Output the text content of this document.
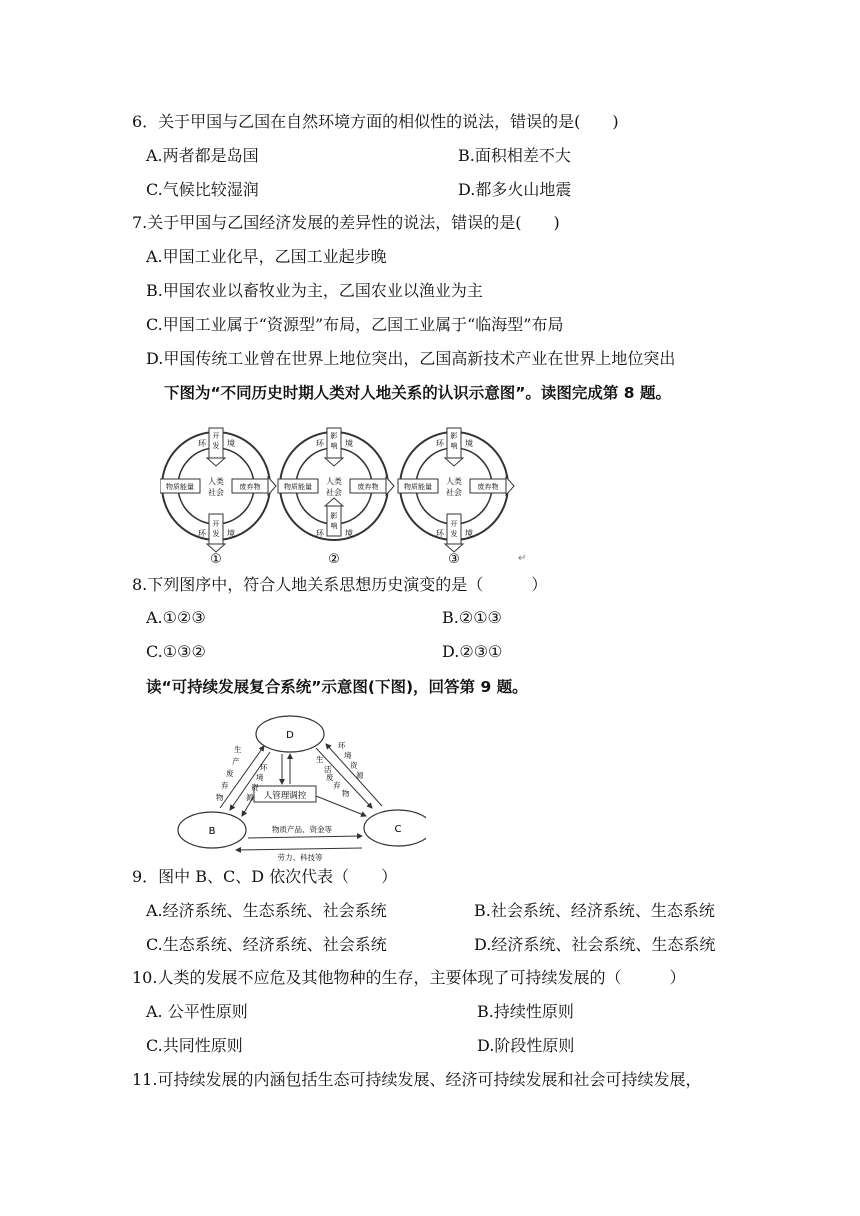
6．关于甲国与乙国在自然环境方面的相似性的说法，错误的是(　　)
A.两者都是岛国	B.面积相差不大
C.气候比较湿润	D.都多火山地震
7.关于甲国与乙国经济发展的差异性的说法，错误的是(　　)
A.甲国工业化早，乙国工业起步晚
B.甲国农业以畜牧业为主，乙国农业以渔业为主
C.甲国工业属于“资源型”布局，乙国工业属于“临海型”布局
D.甲国传统工业曾在世界上地位突出，乙国高新技术产业在世界上地位突出
下图为“不同历史时期人类对人地关系的认识示意图”。读图完成第 8 题。
开
发
环	境
开
发
环	境
物质能量	废弃物
人类
社会
影
响
环	境
影
响
环	境
物质能量	废弃物
人类
社会
影
响
环	境
开
发
环	境
物质能量	废弃物
人类
社会
①	②	③	↵
8.下列图序中，符合人地关系思想历史演变的是（　　　）
A.①②③	B.②①③
C.①③②	D.②③①
读“可持续发展复合系统”示意图(下图)，回答第 9 题。
D
B	C
人管理调控
生
产
废
弃
物
环
境
资
源
生
活
废
弃
物
环
境
资
源
物质产品、资金等
劳力、科技等
9．图中 B、C、D 依次代表（　　）
A.经济系统、生态系统、社会系统	B.社会系统、经济系统、生态系统
C.生态系统、经济系统、社会系统	D.经济系统、社会系统、生态系统
10.人类的发展不应危及其他物种的生存，主要体现了可持续发展的（　　　）
A. 公平性原则	B.持续性原则
C.共同性原则	D.阶段性原则
11.可持续发展的内涵包括生态可持续发展、经济可持续发展和社会可持续发展，
